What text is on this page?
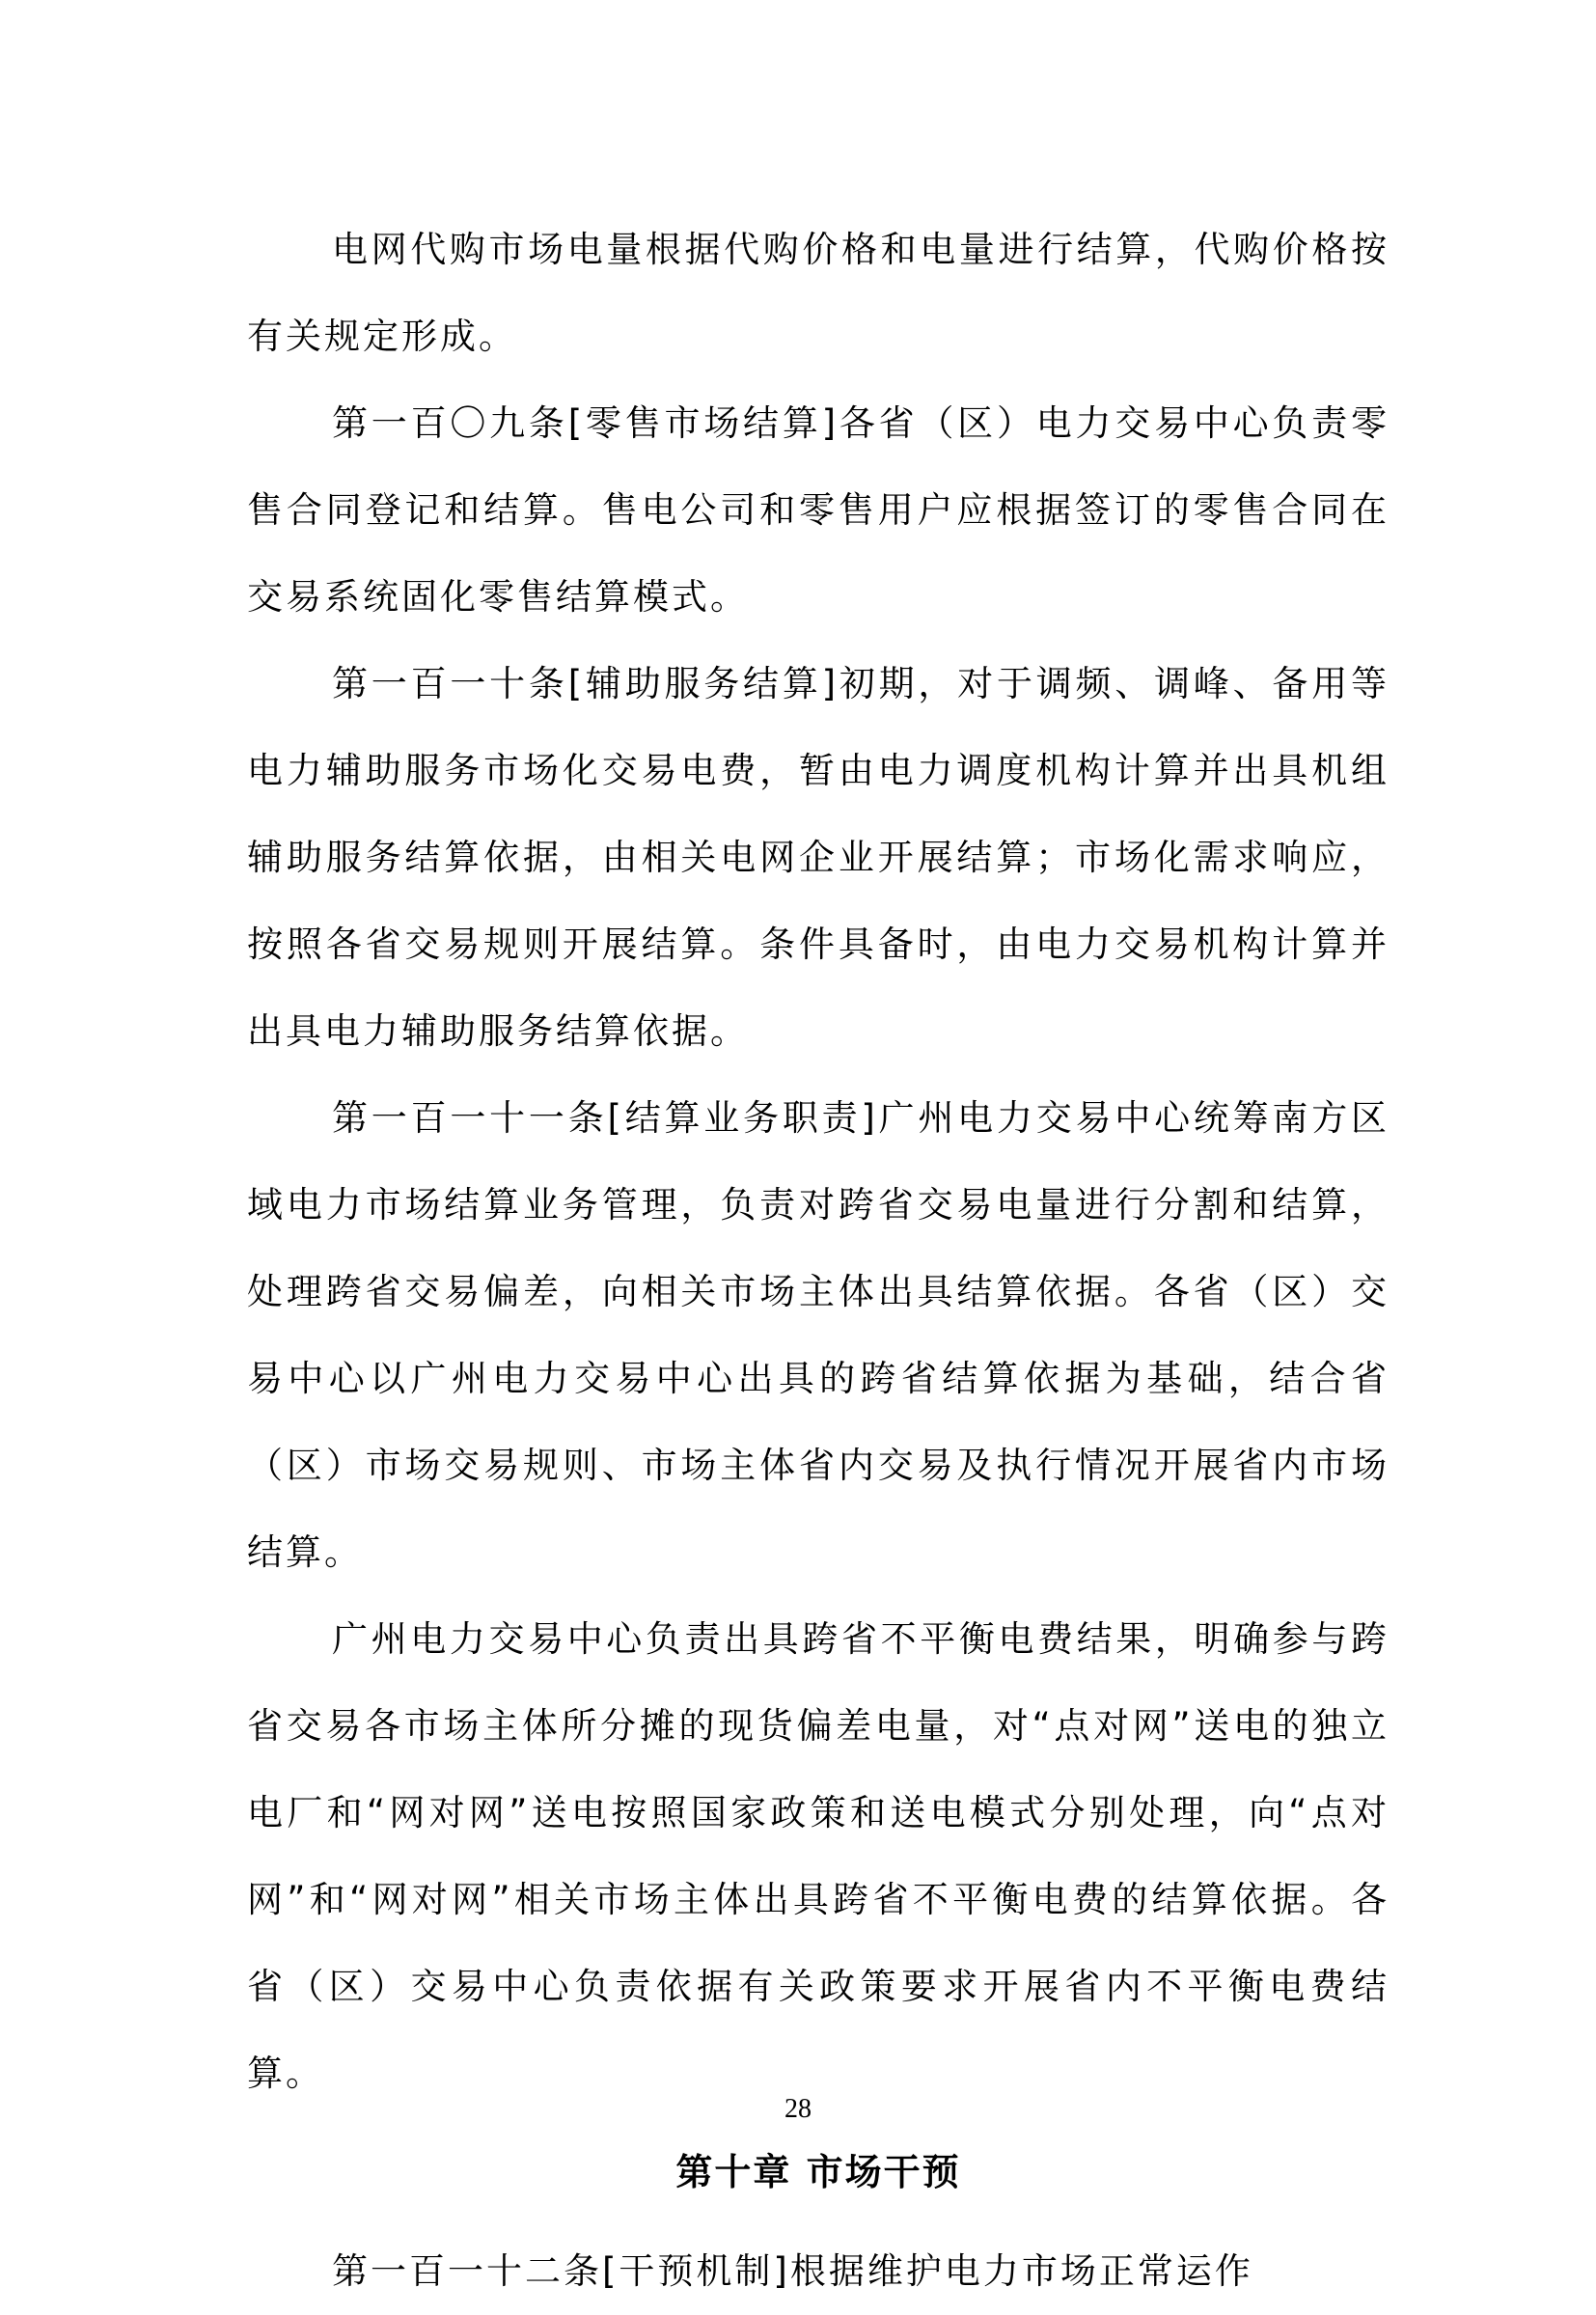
电网代购市场电量根据代购价格和电量进行结算，代购价格按有关规定形成。

第一百〇九条[零售市场结算]各省（区）电力交易中心负责零售合同登记和结算。售电公司和零售用户应根据签订的零售合同在交易系统固化零售结算模式。

第一百一十条[辅助服务结算]初期，对于调频、调峰、备用等电力辅助服务市场化交易电费，暂由电力调度机构计算并出具机组辅助服务结算依据，由相关电网企业开展结算；市场化需求响应，按照各省交易规则开展结算。条件具备时，由电力交易机构计算并出具电力辅助服务结算依据。

第一百一十一条[结算业务职责]广州电力交易中心统筹南方区域电力市场结算业务管理，负责对跨省交易电量进行分割和结算，处理跨省交易偏差，向相关市场主体出具结算依据。各省（区）交易中心以广州电力交易中心出具的跨省结算依据为基础，结合省（区）市场交易规则、市场主体省内交易及执行情况开展省内市场结算。

广州电力交易中心负责出具跨省不平衡电费结果，明确参与跨省交易各市场主体所分摊的现货偏差电量，对“点对网”送电的独立电厂和“网对网”送电按照国家政策和送电模式分别处理，向“点对网”和“网对网”相关市场主体出具跨省不平衡电费的结算依据。各省（区）交易中心负责依据有关政策要求开展省内不平衡电费结算。

第十章 市场干预

第一百一十二条[干预机制]根据维护电力市场正常运作

28
